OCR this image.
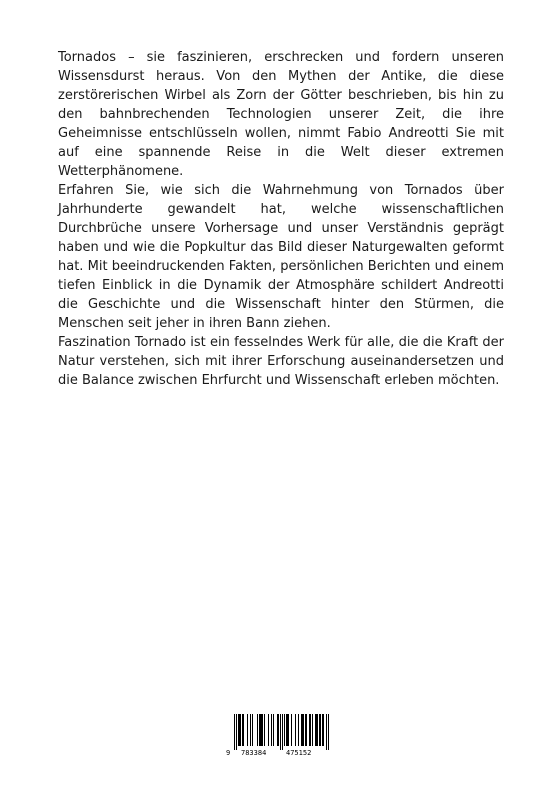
Tornados – sie faszinieren, erschrecken und fordern unseren Wissensdurst heraus. Von den Mythen der Antike, die diese zerstörerischen Wirbel als Zorn der Götter beschrieben, bis hin zu den bahnbrechenden Technologien unserer Zeit, die ihre Geheimnisse entschlüsseln wollen, nimmt Fabio Andreotti Sie mit auf eine spannende Reise in die Welt dieser extremen Wetterphänomene.

Erfahren Sie, wie sich die Wahrnehmung von Tornados über Jahrhunderte gewandelt hat, welche wissenschaftlichen Durchbrüche unsere Vorhersage und unser Verständnis geprägt haben und wie die Popkultur das Bild dieser Naturgewalten geformt hat. Mit beeindruckenden Fakten, persönlichen Berichten und einem tiefen Einblick in die Dynamik der Atmosphäre schildert Andreotti die Geschichte und die Wissenschaft hinter den Stürmen, die Menschen seit jeher in ihren Bann ziehen.

Faszination Tornado ist ein fesselndes Werk für alle, die die Kraft der Natur verstehen, sich mit ihrer Erforschung auseinandersetzen und die Balance zwischen Ehrfurcht und Wissenschaft erleben möchten.

9 783384	475152
